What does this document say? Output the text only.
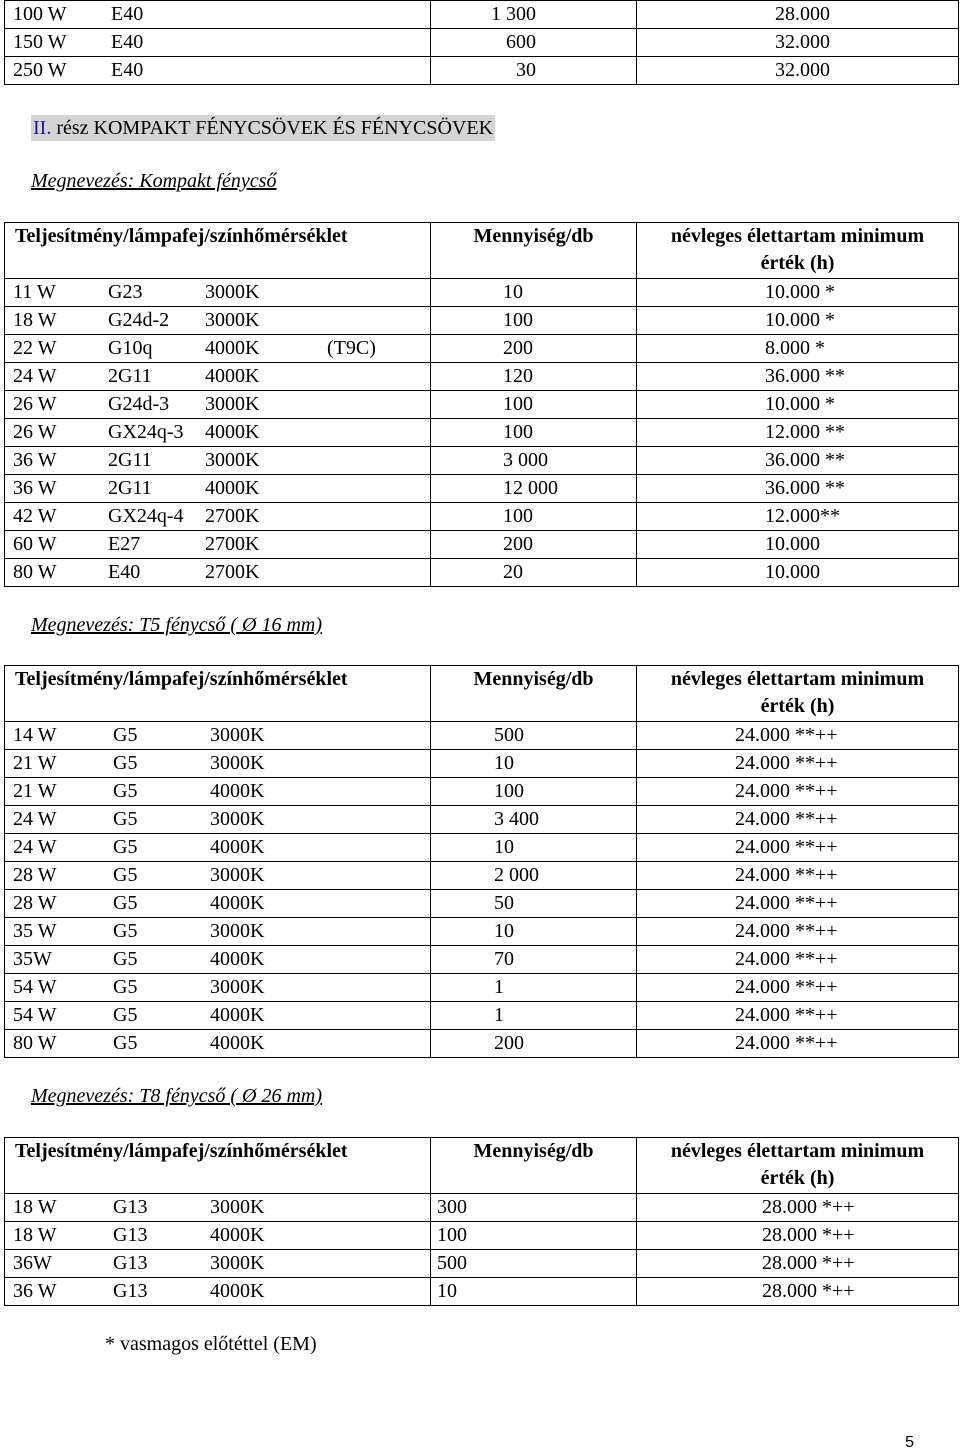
100 W E40	1 300	28.000
150 W E40	600	32.000
250 W E40	30	32.000
II. rész KOMPAKT FÉNYCSÖVEK ÉS FÉNYCSÖVEK
Megnevezés: Kompakt fénycső
Teljesítmény/lámpafej/színhőmérséklet	Mennyiség/db	névleges élettartam minimum
érték (h)
11 W G23 3000K	10	10.000 *
18 W G24d-2 3000K	100	10.000 *
22 W G10q 4000K (T9C)	200	8.000 *
24 W 2G11 4000K	120	36.000 **
26 W G24d-3 3000K	100	10.000 *
26 W GX24q-3 4000K	100	12.000 **
36 W 2G11 3000K	3 000	36.000 **
36 W 2G11 4000K	12 000	36.000 **
42 W GX24q-4 2700K	100	12.000**
60 W E27 2700K	200	10.000
80 W E40 2700K	20	10.000
Megnevezés: T5 fénycső ( Ø 16 mm)
Teljesítmény/lámpafej/színhőmérséklet	Mennyiség/db	névleges élettartam minimum
érték (h)
14 W G5 3000K	500	24.000 **++
21 W G5 3000K	10	24.000 **++
21 W G5 4000K	100	24.000 **++
24 W G5 3000K	3 400	24.000 **++
24 W G5 4000K	10	24.000 **++
28 W G5 3000K	2 000	24.000 **++
28 W G5 4000K	50	24.000 **++
35 W G5 3000K	10	24.000 **++
35W G5 4000K	70	24.000 **++
54 W G5 3000K	1	24.000 **++
54 W G5 4000K	1	24.000 **++
80 W G5 4000K	200	24.000 **++
Megnevezés: T8 fénycső ( Ø 26 mm)
Teljesítmény/lámpafej/színhőmérséklet	Mennyiség/db	névleges élettartam minimum
érték (h)
18 W G13 3000K	300	28.000 *++
18 W G13 4000K	100	28.000 *++
36W G13 3000K	500	28.000 *++
36 W G13 4000K	10	28.000 *++
* vasmagos előtéttel (EM)
5
